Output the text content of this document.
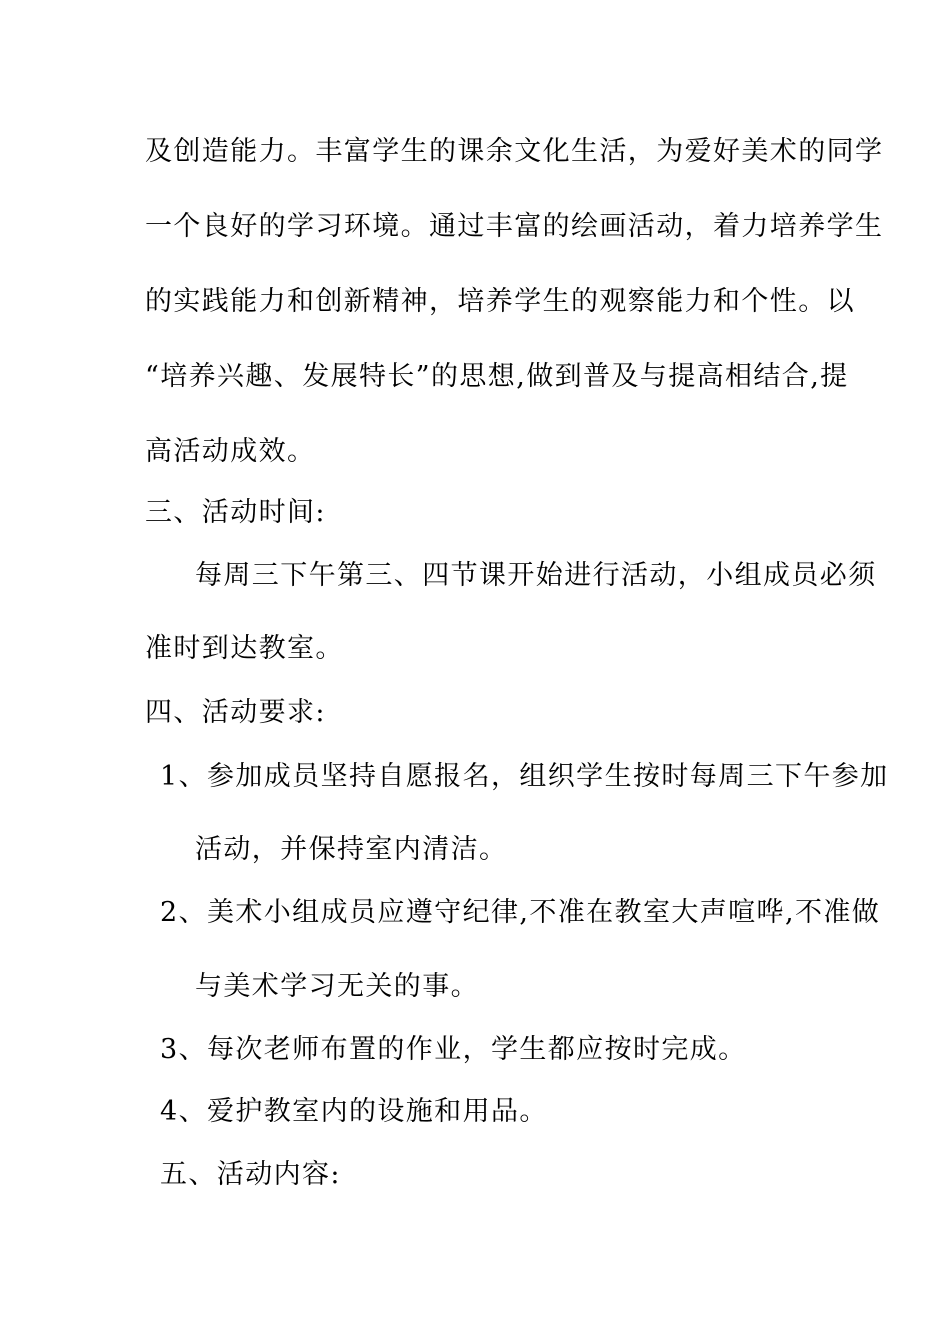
及创造能力。丰富学生的课余文化生活，为爱好美术的同学
一个良好的学习环境。通过丰富的绘画活动，着力培养学生
的实践能力和创新精神，培养学生的观察能力和个性。以
“培养兴趣、发展特长”的思想,做到普及与提高相结合,提
高活动成效。
三、活动时间:
每周三下午第三、四节课开始进行活动，小组成员必须
准时到达教室。
四、活动要求:
1、参加成员坚持自愿报名，组织学生按时每周三下午参加
活动，并保持室内清洁。
2、美术小组成员应遵守纪律,不准在教室大声喧哗,不准做
与美术学习无关的事。
3、每次老师布置的作业，学生都应按时完成。
4、爱护教室内的设施和用品。
五、活动内容:
